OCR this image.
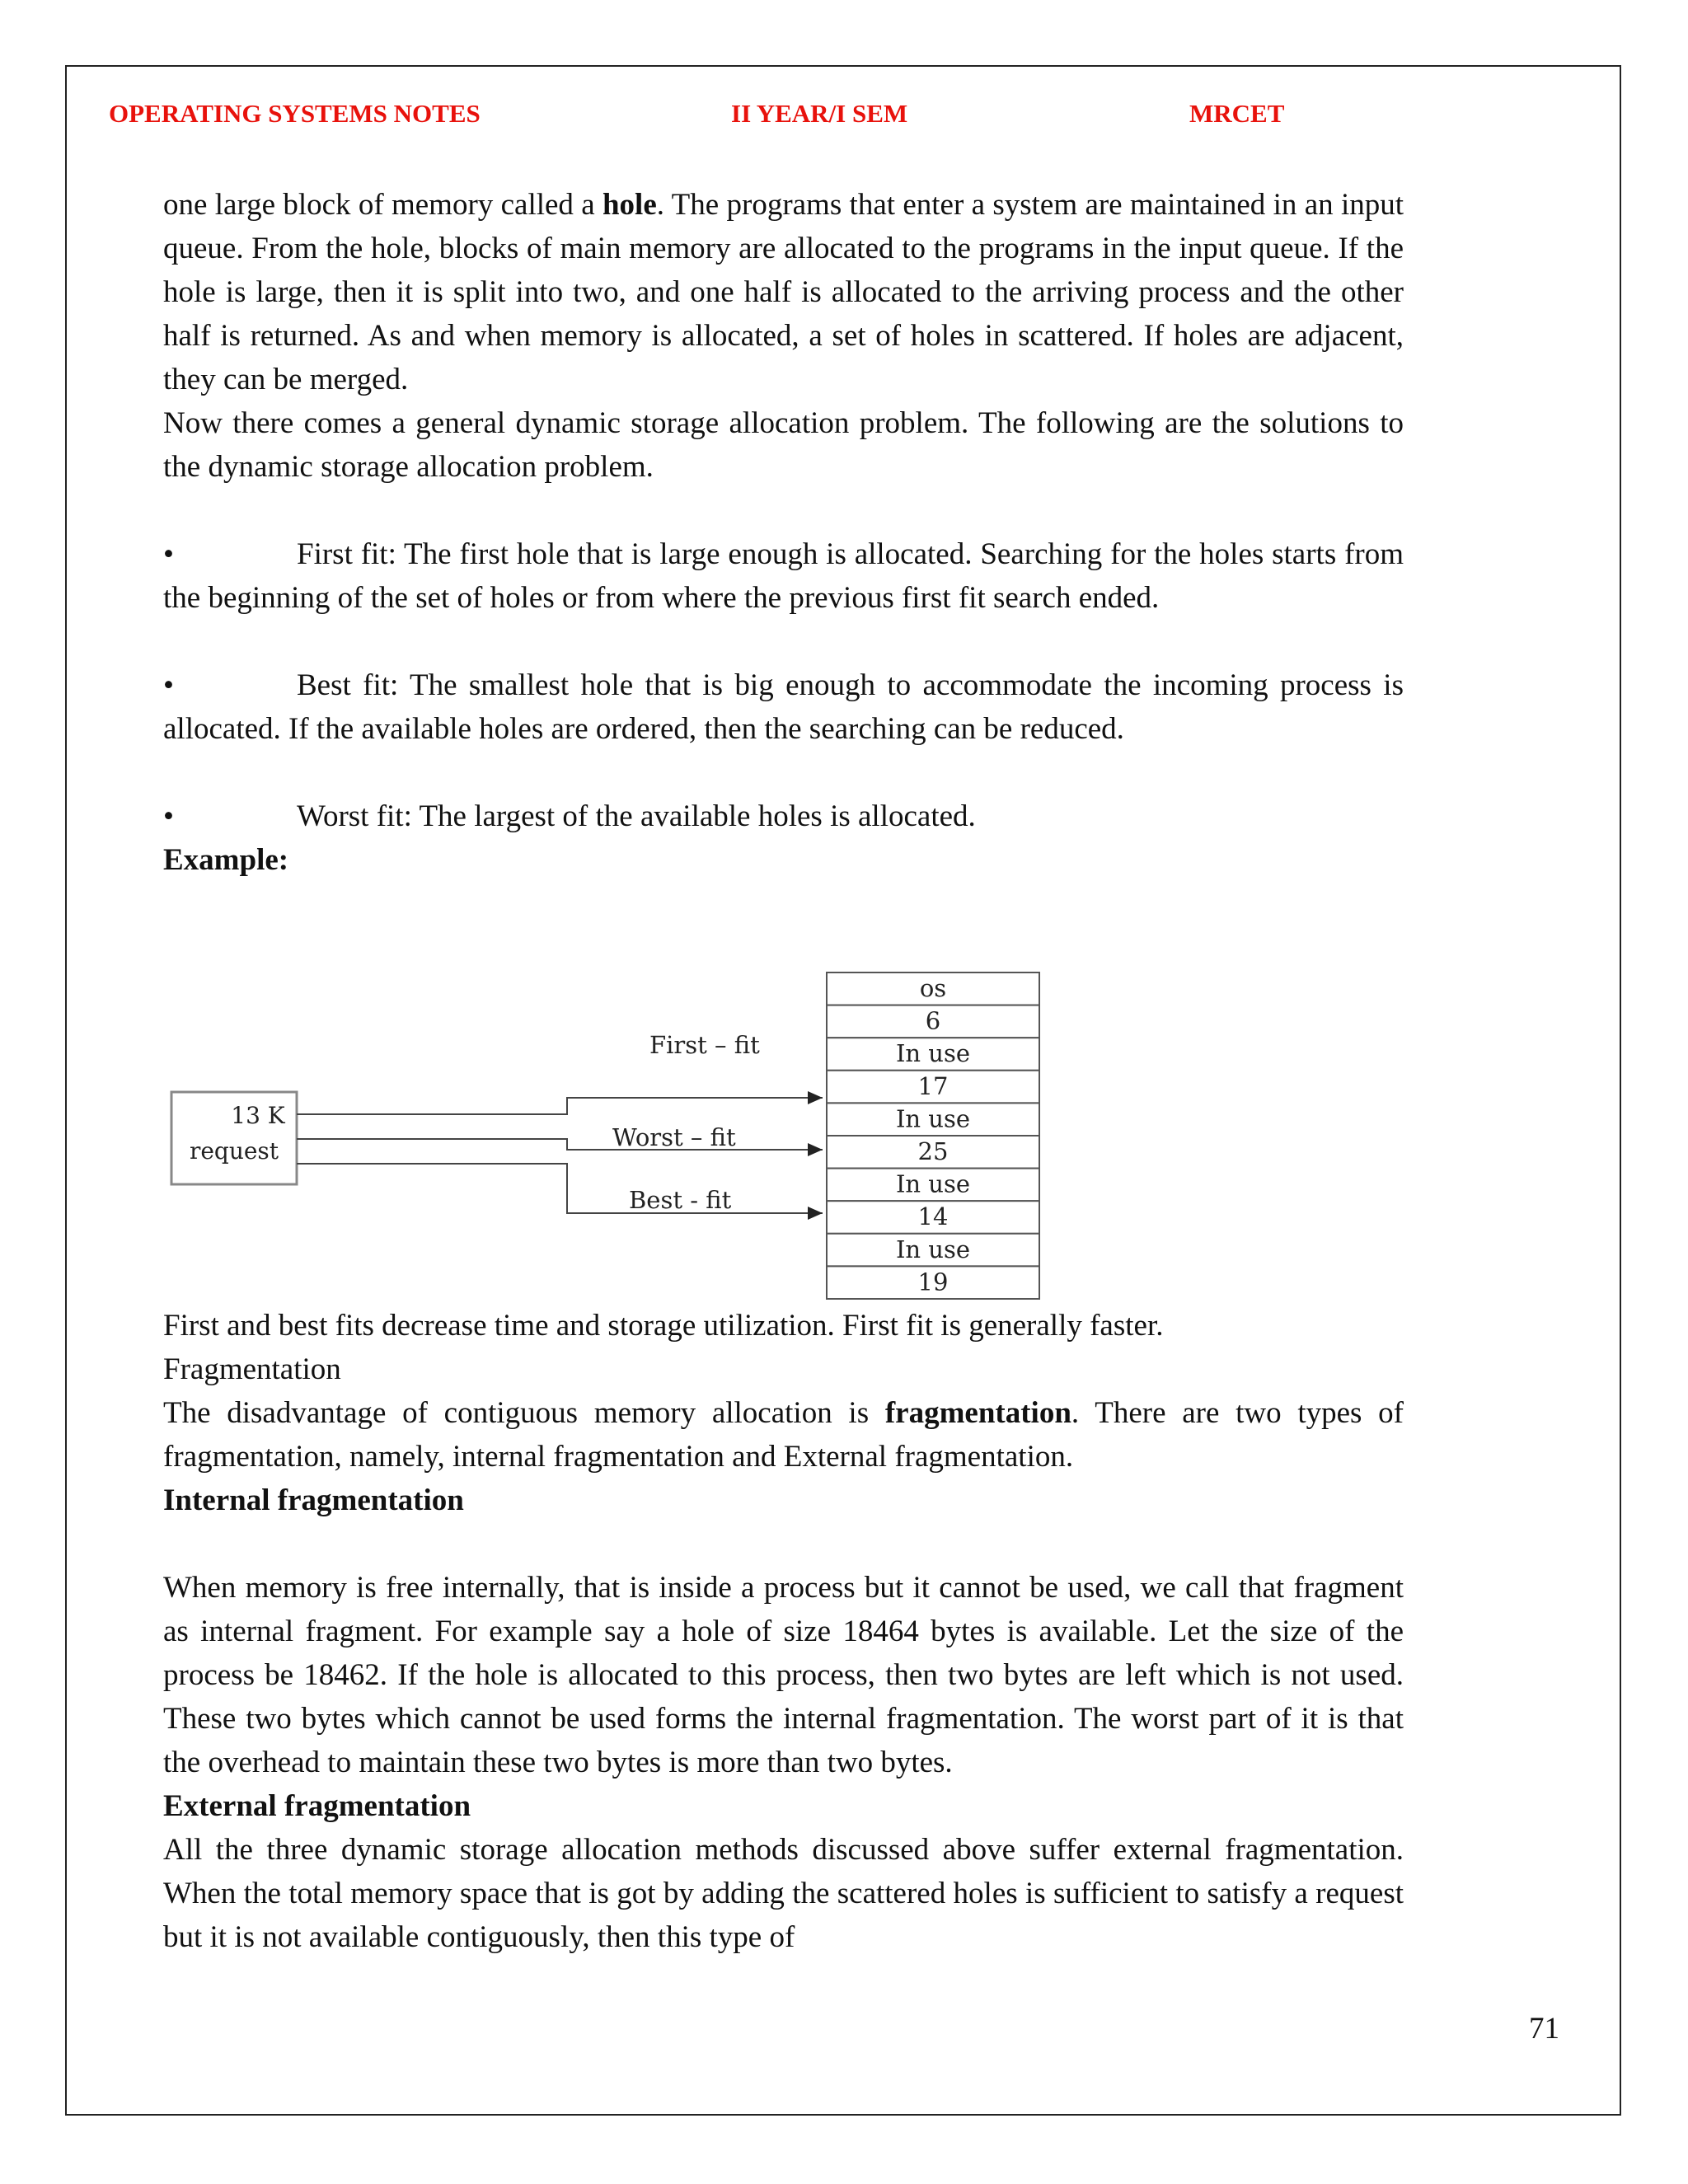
OPERATING SYSTEMS NOTES	II YEAR/I SEM	MRCET

one large block of memory called a hole. The programs that enter a system are maintained in an input queue. From the hole, blocks of main memory are allocated to the programs in the input queue. If the hole is large, then it is split into two, and one half is allocated to the arriving process and the other half is returned. As and when memory is allocated, a set of holes in scattered. If holes are adjacent, they can be merged.

Now there comes a general dynamic storage allocation problem. The following are the solutions to the dynamic storage allocation problem.

•	First fit: The first hole that is large enough is allocated. Searching for the holes starts from the beginning of the set of holes or from where the previous first fit search ended.

•	Best fit: The smallest hole that is big enough to accommodate the incoming process is allocated. If the available holes are ordered, then the searching can be reduced.

•	Worst fit: The largest of the available holes is allocated.

Example:

13 K
request
First – fit
Worst – fit
Best - fit
os
6
In use
17
In use
25
In use
14
In use
19

First and best fits decrease time and storage utilization. First fit is generally faster.

Fragmentation

The disadvantage of contiguous memory allocation is fragmentation. There are two types of fragmentation, namely, internal fragmentation and External fragmentation.

Internal fragmentation

When memory is free internally, that is inside a process but it cannot be used, we call that fragment as internal fragment. For example say a hole of size 18464 bytes is available. Let the size of the process be 18462. If the hole is allocated to this process, then two bytes are left which is not used. These two bytes which cannot be used forms the internal fragmentation. The worst part of it is that the overhead to maintain these two bytes is more than two bytes.

External fragmentation

All the three dynamic storage allocation methods discussed above suffer external fragmentation. When the total memory space that is got by adding the scattered holes is sufficient to satisfy a request but it is not available contiguously, then this type of

71
